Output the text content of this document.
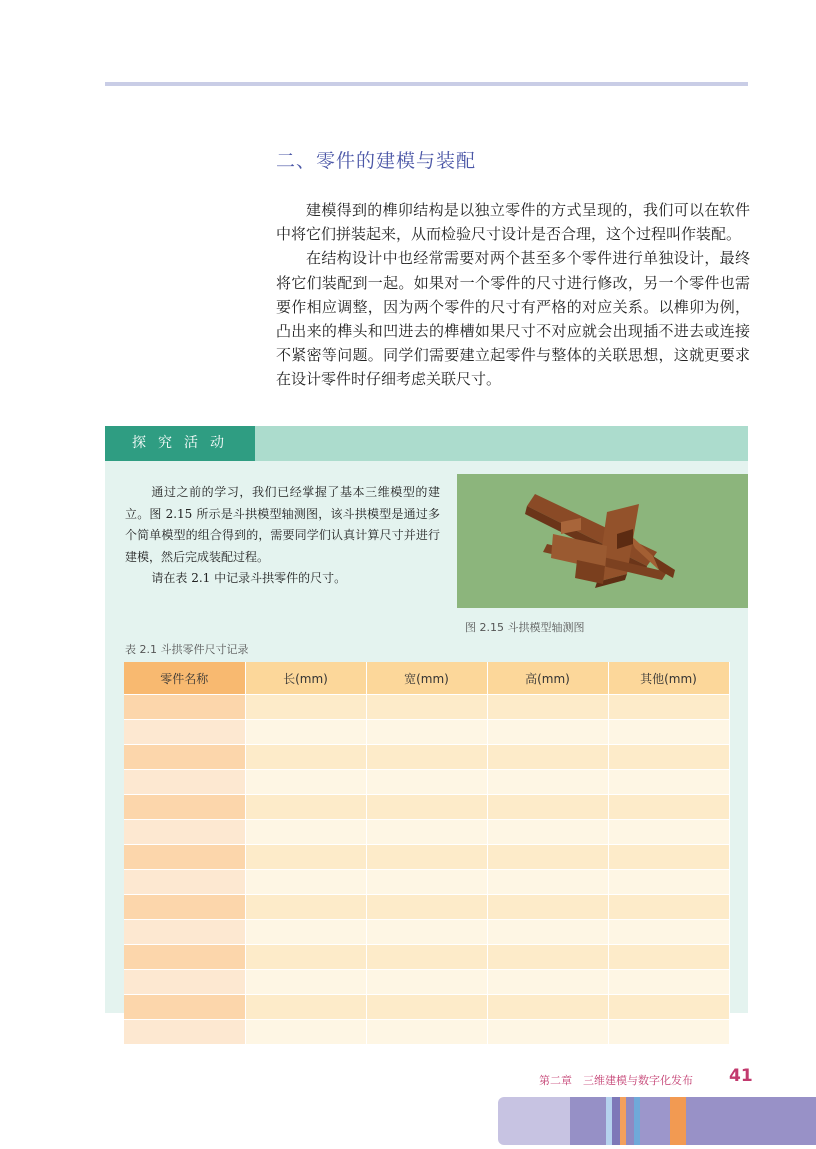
二、零件的建模与装配

建模得到的榫卯结构是以独立零件的方式呈现的，我们可以在软件中将它们拼装起来，从而检验尺寸设计是否合理，这个过程叫作装配。

在结构设计中也经常需要对两个甚至多个零件进行单独设计，最终将它们装配到一起。如果对一个零件的尺寸进行修改，另一个零件也需要作相应调整，因为两个零件的尺寸有严格的对应关系。以榫卯为例，凸出来的榫头和凹进去的榫槽如果尺寸不对应就会出现插不进去或连接不紧密等问题。同学们需要建立起零件与整体的关联思想，这就更要求在设计零件时仔细考虑关联尺寸。

探究活动

通过之前的学习，我们已经掌握了基本三维模型的建立。图 2.15 所示是斗拱模型轴测图，该斗拱模型是通过多个简单模型的组合得到的，需要同学们认真计算尺寸并进行建模，然后完成装配过程。

请在表 2.1 中记录斗拱零件的尺寸。

图 2.15 斗拱模型轴测图
表 2.1 斗拱零件尺寸记录
零件名称	长(mm)	宽(mm)	高(mm)	其他(mm)

第二章　三维建模与数字化发布 41
